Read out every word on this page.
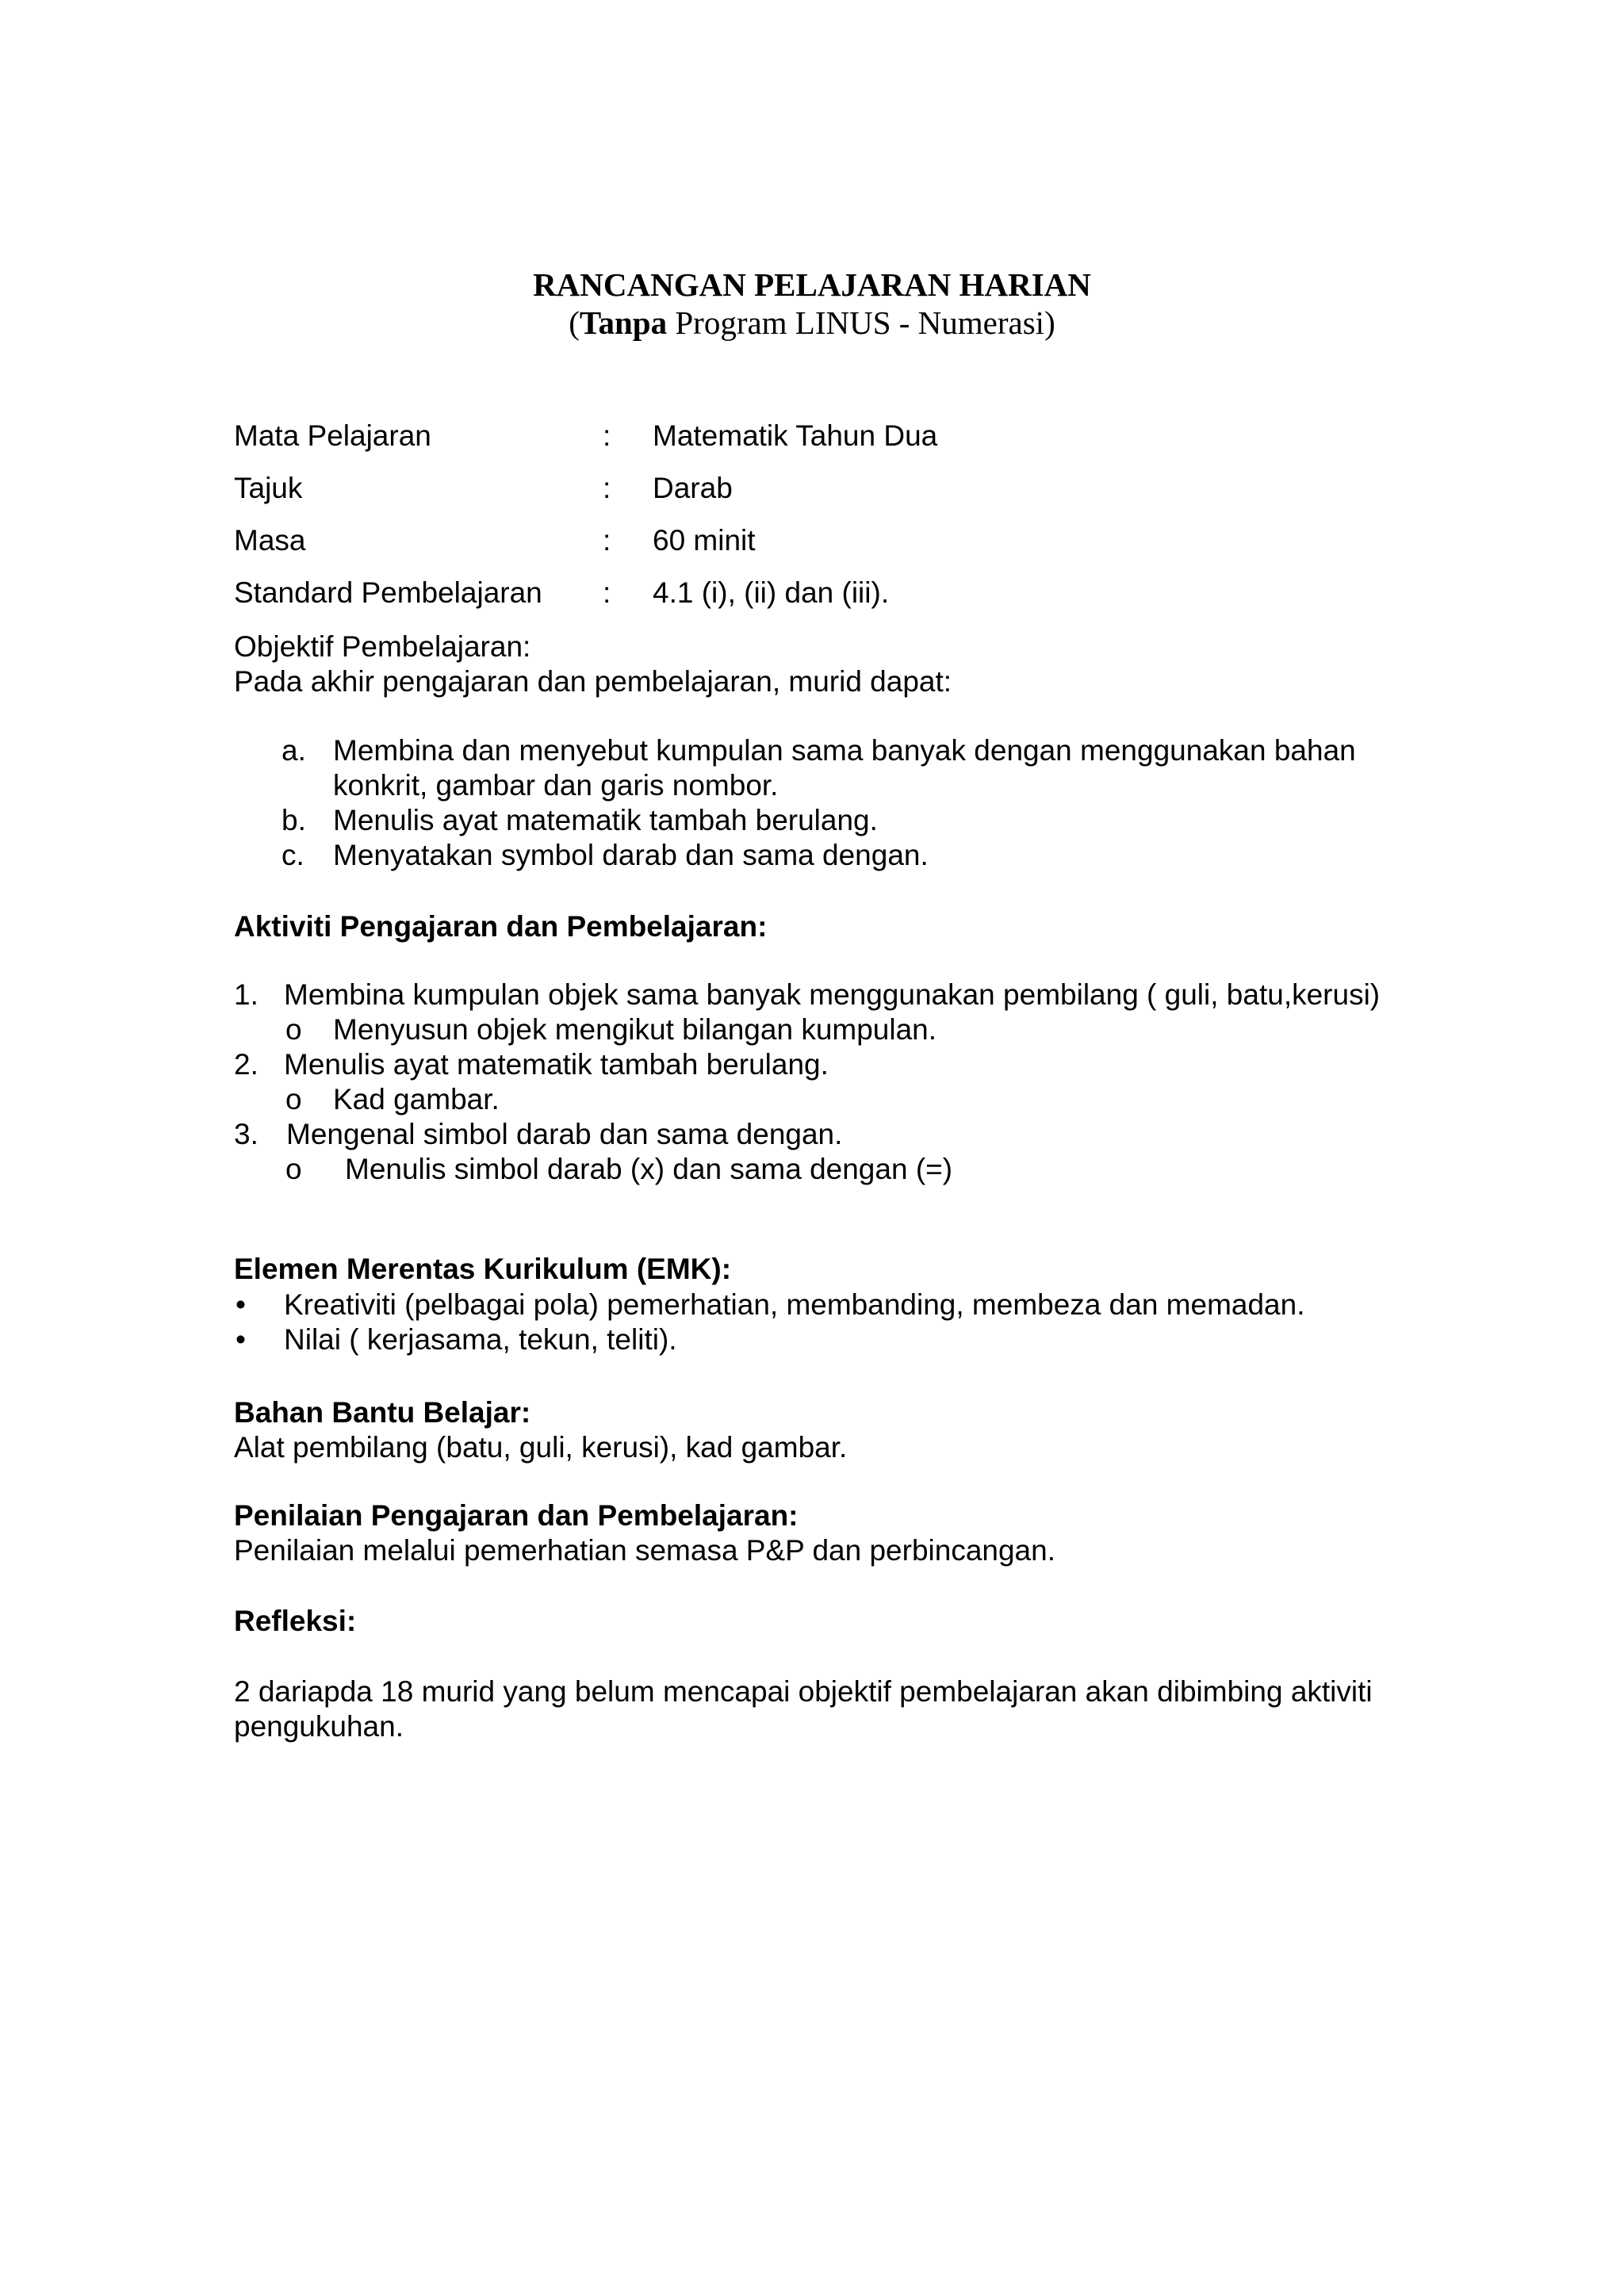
RANCANGAN PELAJARAN HARIAN
(Tanpa Program LINUS - Numerasi)
Mata Pelajaran	: Matematik Tahun Dua
Tajuk	: Darab
Masa	: 60 minit
Standard Pembelajaran : 4.1 (i), (ii) dan (iii).
Objektif Pembelajaran:
Pada akhir pengajaran dan pembelajaran, murid dapat:
a. Membina dan menyebut kumpulan sama banyak dengan menggunakan bahan
konkrit, gambar dan garis nombor.
b. Menulis ayat matematik tambah berulang.
c. Menyatakan symbol darab dan sama dengan.
Aktiviti Pengajaran dan Pembelajaran:
1. Membina kumpulan objek sama banyak menggunakan pembilang ( guli, batu,kerusi)
o Menyusun objek mengikut bilangan kumpulan.
2. Menulis ayat matematik tambah berulang.
o Kad gambar.
3. Mengenal simbol darab dan sama dengan.
o Menulis simbol darab (x) dan sama dengan (=)
Elemen Merentas Kurikulum (EMK):
• Kreativiti (pelbagai pola) pemerhatian, membanding, membeza dan memadan.
• Nilai ( kerjasama, tekun, teliti).
Bahan Bantu Belajar:
Alat pembilang (batu, guli, kerusi), kad gambar.
Penilaian Pengajaran dan Pembelajaran:
Penilaian melalui pemerhatian semasa P&P dan perbincangan.
Refleksi:
2 dariapda 18 murid yang belum mencapai objektif pembelajaran akan dibimbing aktiviti
pengukuhan.
